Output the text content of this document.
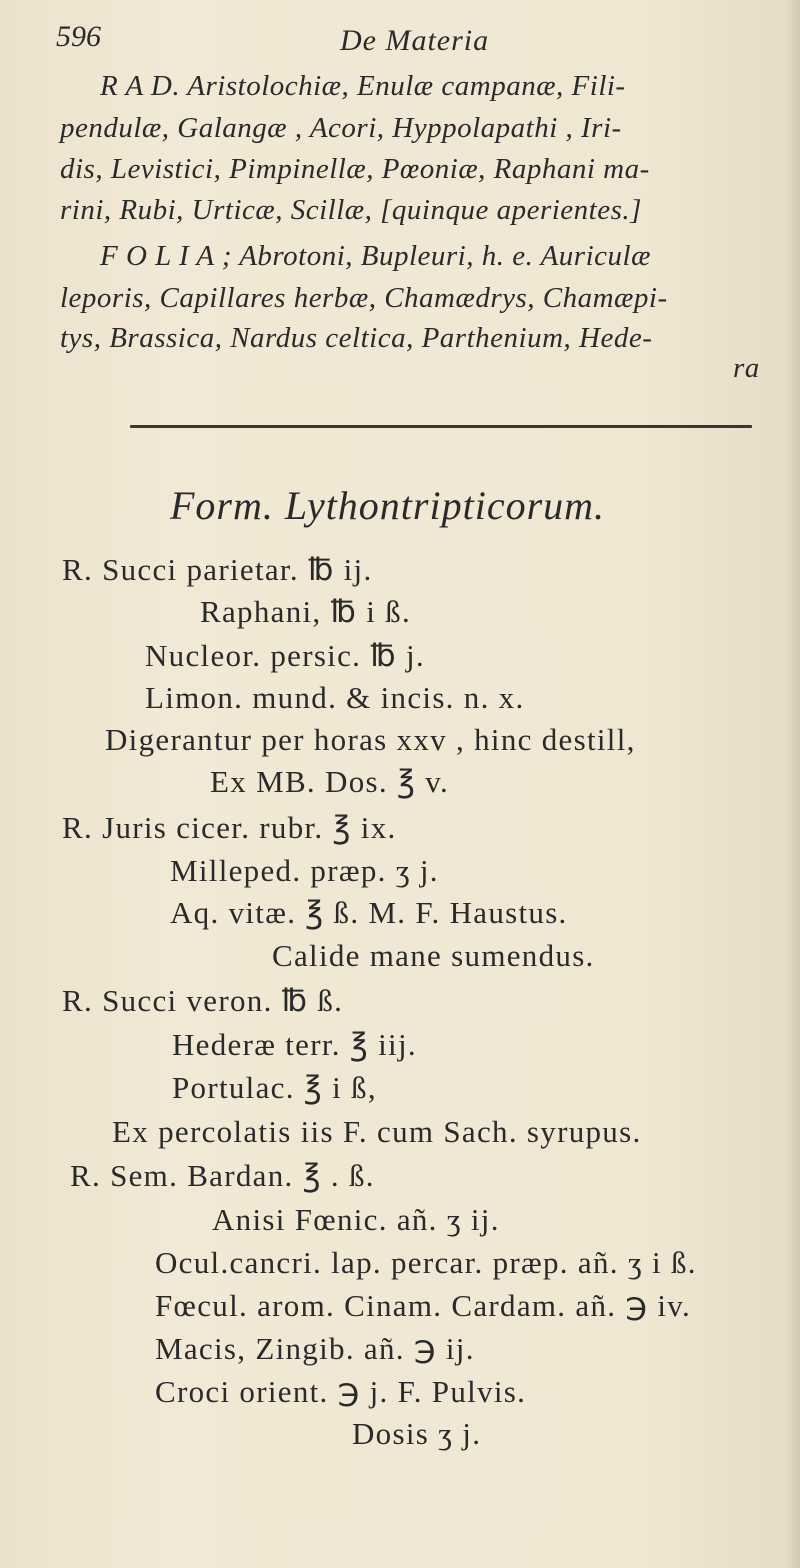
596	De Materia
R A D. Aristolochiæ, Enulæ campanæ, Fili-
pendulæ, Galangæ , Acori, Hyppolapathi , Iri-
dis, Levistici, Pimpinellæ, Pœoniæ, Raphani ma-
rini, Rubi, Urticæ, Scillæ, [quinque aperientes.]
F O L I A ; Abrotoni, Bupleuri, h. e. Auriculæ
leporis, Capillares herbæ, Chamædrys, Chamæpi-
tys, Brassica, Nardus celtica, Parthenium, Hede-
ra
Form. Lythontripticorum.
R. Succi parietar. ℔ ij.
Raphani, ℔ i ß.
Nucleor. persic. ℔ j.
Limon. mund. & incis. n. x.
Digerantur per horas xxv , hinc destill,
Ex MB. Dos. ℥ v.
R. Juris cicer. rubr. ℥ ix.
Milleped. præp. ʒ j.
Aq. vitæ. ℥ ß. M. F. Haustus.
Calide mane sumendus.
R. Succi veron. ℔ ß.
Hederæ terr. ℥ iij.
Portulac. ℥ i ß,
Ex percolatis iis F. cum Sach. syrupus.
R. Sem. Bardan. ℥ . ß.
Anisi Fœnic. añ. ʒ ij.
Ocul.cancri. lap. percar. præp. añ. ʒ i ß.
Fœcul. arom. Cinam. Cardam. añ. ℈ iv.
Macis, Zingib. añ. ℈ ij.
Croci orient. ℈ j. F. Pulvis.
Dosis ʒ j.
